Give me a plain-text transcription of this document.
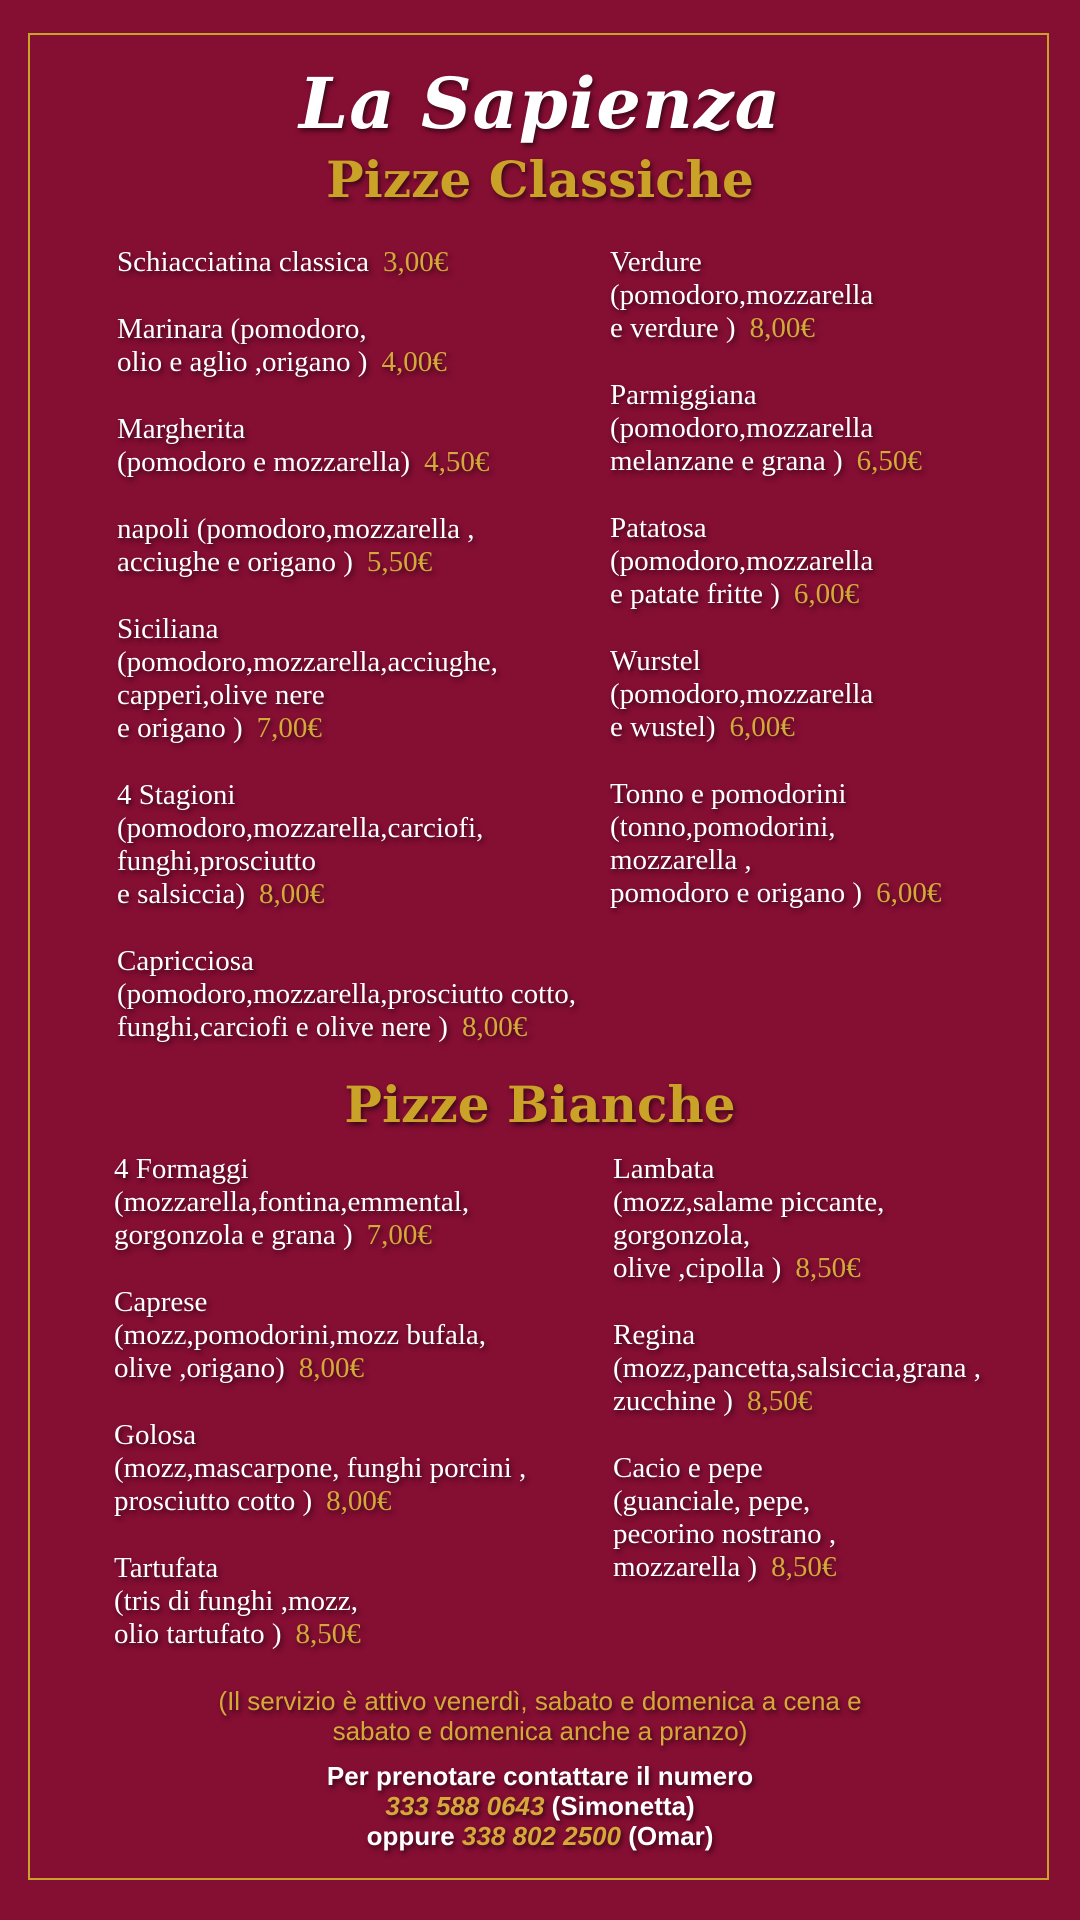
La Sapienza
Pizze Classiche
Schiacciatina classica 3,00€
Marinara (pomodoro,
olio e aglio ,origano ) 4,00€
Margherita
(pomodoro e mozzarella) 4,50€
napoli (pomodoro,mozzarella ,
acciughe e origano ) 5,50€
Siciliana
(pomodoro,mozzarella,acciughe,
capperi,olive nere
e origano ) 7,00€
4 Stagioni
(pomodoro,mozzarella,carciofi,
funghi,prosciutto
e salsiccia) 8,00€
Capricciosa
(pomodoro,mozzarella,prosciutto cotto,
funghi,carciofi e olive nere ) 8,00€
Verdure
(pomodoro,mozzarella
e verdure ) 8,00€
Parmiggiana
(pomodoro,mozzarella
melanzane e grana ) 6,50€
Patatosa
(pomodoro,mozzarella
e patate fritte ) 6,00€
Wurstel
(pomodoro,mozzarella
e wustel) 6,00€
Tonno e pomodorini
(tonno,pomodorini,
mozzarella ,
pomodoro e origano ) 6,00€
Pizze Bianche
4 Formaggi
(mozzarella,fontina,emmental,
gorgonzola e grana ) 7,00€
Caprese
(mozz,pomodorini,mozz bufala,
olive ,origano) 8,00€
Golosa
(mozz,mascarpone, funghi porcini ,
prosciutto cotto ) 8,00€
Tartufata
(tris di funghi ,mozz,
olio tartufato ) 8,50€
Lambata
(mozz,salame piccante,
gorgonzola,
olive ,cipolla ) 8,50€
Regina
(mozz,pancetta,salsiccia,grana ,
zucchine ) 8,50€
Cacio e pepe
(guanciale, pepe,
pecorino nostrano ,
mozzarella ) 8,50€
(Il servizio è attivo venerdì, sabato e domenica a cena e
sabato e domenica anche a pranzo)
Per prenotare contattare il numero
333 588 0643 (Simonetta)
oppure 338 802 2500 (Omar)
